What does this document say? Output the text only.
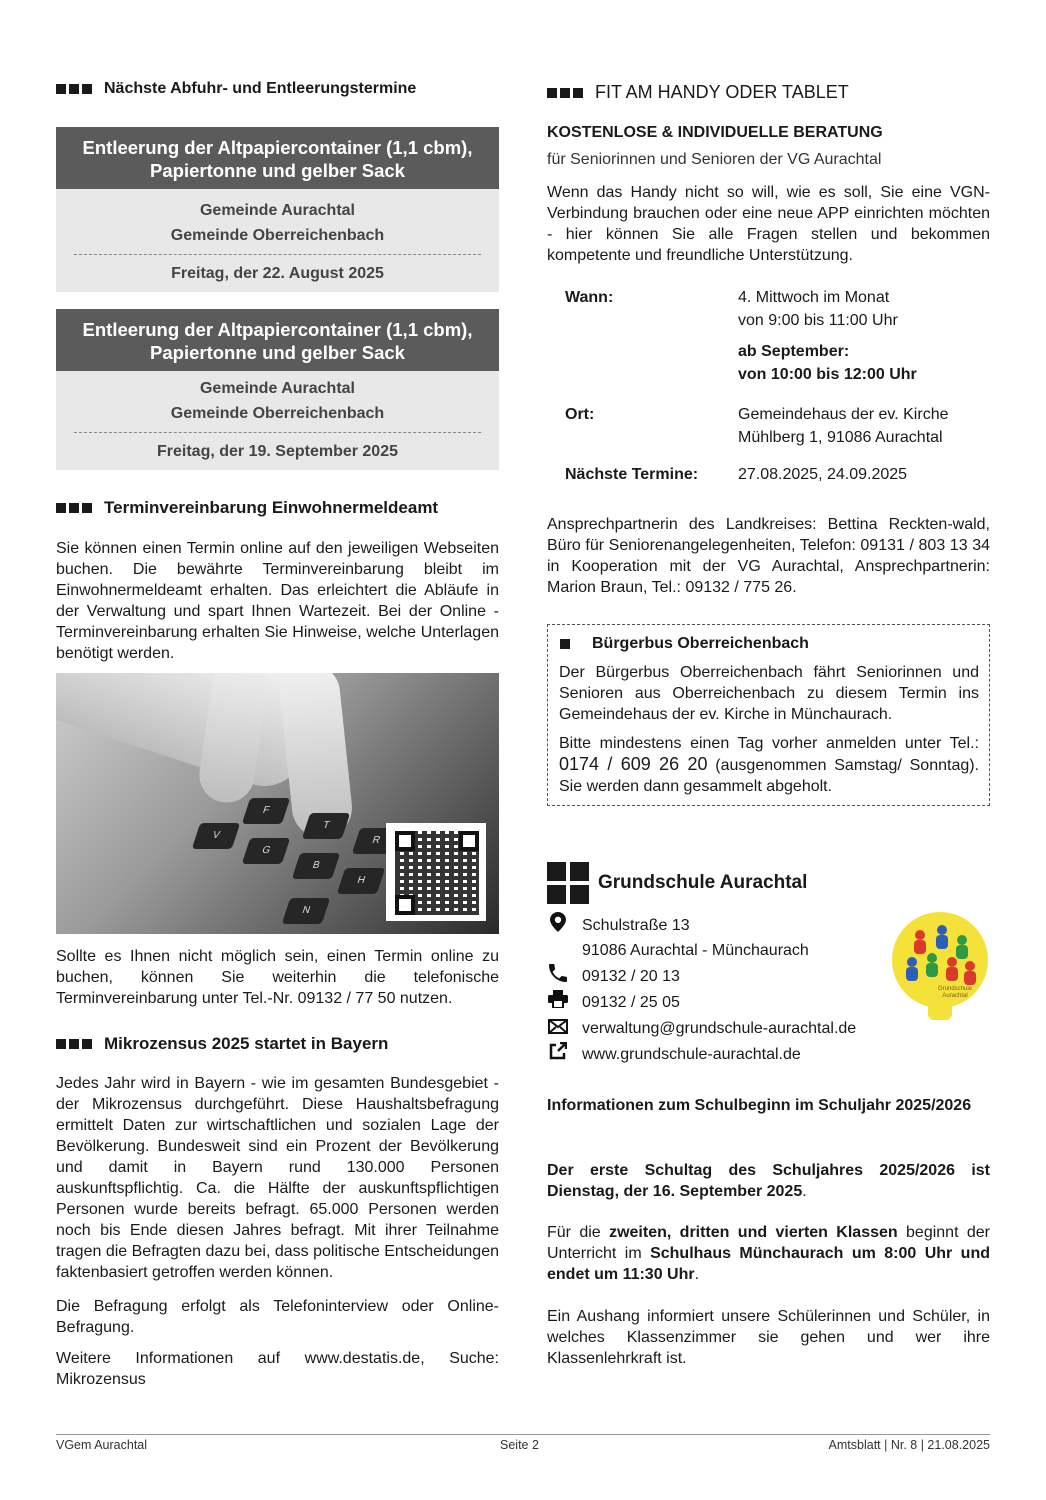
Nächste Abfuhr- und Entleerungstermine
Entleerung der Altpapiercontainer (1,1 cbm),
Papiertonne und gelber Sack
Gemeinde Aurachtal
Gemeinde Oberreichenbach
Freitag, der 22. August 2025
Entleerung der Altpapiercontainer (1,1 cbm),
Papiertonne und gelber Sack
Gemeinde Aurachtal
Gemeinde Oberreichenbach
Freitag, der 19. September 2025
Terminvereinbarung Einwohnermeldeamt

Sie können einen Termin online auf den jeweiligen Webseiten buchen. Die bewährte Terminvereinbarung bleibt im Einwohnermeldeamt erhalten. Das erleichtert die Abläufe in der Verwaltung und spart Ihnen Wartezeit. Bei der Online - Terminvereinbarung erhalten Sie Hinweise, welche Unterlagen benötigt werden.

V
G
B
H
T
R
F
N

Sollte es Ihnen nicht möglich sein, einen Termin online zu buchen, können Sie weiterhin die telefonische Terminvereinbarung unter Tel.-Nr. 09132 / 77 50 nutzen.

Mikrozensus 2025 startet in Bayern

Jedes Jahr wird in Bayern - wie im gesamten Bundesgebiet - der Mikrozensus durchgeführt. Diese Haushaltsbefragung ermittelt Daten zur wirtschaftlichen und sozialen Lage der Bevölkerung. Bundesweit sind ein Prozent der Bevölkerung und damit in Bayern rund 130.000 Personen auskunftspflichtig. Ca. die Hälfte der auskunftspflichtigen Personen wurde bereits befragt. 65.000 Personen werden noch bis Ende diesen Jahres befragt. Mit ihrer Teilnahme tragen die Befragten dazu bei, dass politische Entscheidungen faktenbasiert getroffen werden können.

Die Befragung erfolgt als Telefoninterview oder Online-Befragung.

Weitere Informationen auf www.destatis.de, Suche: Mikrozensus

FIT AM HANDY ODER TABLET
KOSTENLOSE & INDIVIDUELLE BERATUNG
für Seniorinnen und Senioren der VG Aurachtal

Wenn das Handy nicht so will, wie es soll, Sie eine VGN-Verbindung brauchen oder eine neue APP einrichten möchten - hier können Sie alle Fragen stellen und bekommen kompetente und freundliche Unterstützung.

Wann:	4. Mittwoch im Monat
von 9:00 bis 11:00 Uhr
ab September:
von 10:00 bis 12:00 Uhr
Ort:	Gemeindehaus der ev. Kirche
Mühlberg 1, 91086 Aurachtal
Nächste Termine: 27.08.2025, 24.09.2025

Ansprechpartnerin des Landkreises: Bettina Reckten-wald, Büro für Seniorenangelegenheiten, Telefon: 09131 / 803 13 34 in Kooperation mit der VG Aurachtal, Ansprechpartnerin: Marion Braun, Tel.: 09132 / 775 26.

Bürgerbus Oberreichenbach

Der Bürgerbus Oberreichenbach fährt Seniorinnen und Senioren aus Oberreichenbach zu diesem Termin ins Gemeindehaus der ev. Kirche in Münchaurach.

Bitte mindestens einen Tag vorher anmelden unter Tel.: 0174 / 609 26 20 (ausgenommen Samstag/ Sonntag). Sie werden dann gesammelt abgeholt.

Grundschule Aurachtal
Schulstraße 13
91086 Aurachtal - Münchaurach
09132 / 20 13
09132 / 25 05
verwaltung@grundschule-aurachtal.de
www.grundschule-aurachtal.de
Grundschule Aurachtal

Informationen zum Schulbeginn im Schuljahr 2025/2026

Der erste Schultag des Schuljahres 2025/2026 ist Dienstag, der 16. September 2025.

Für die zweiten, dritten und vierten Klassen beginnt der Unterricht im Schulhaus Münchaurach um 8:00 Uhr und endet um 11:30 Uhr.

Ein Aushang informiert unsere Schülerinnen und Schüler, in welches Klassenzimmer sie gehen und wer ihre Klassenlehrkraft ist.

VGem Aurachtal	Seite 2	Amtsblatt | Nr. 8 | 21.08.2025
